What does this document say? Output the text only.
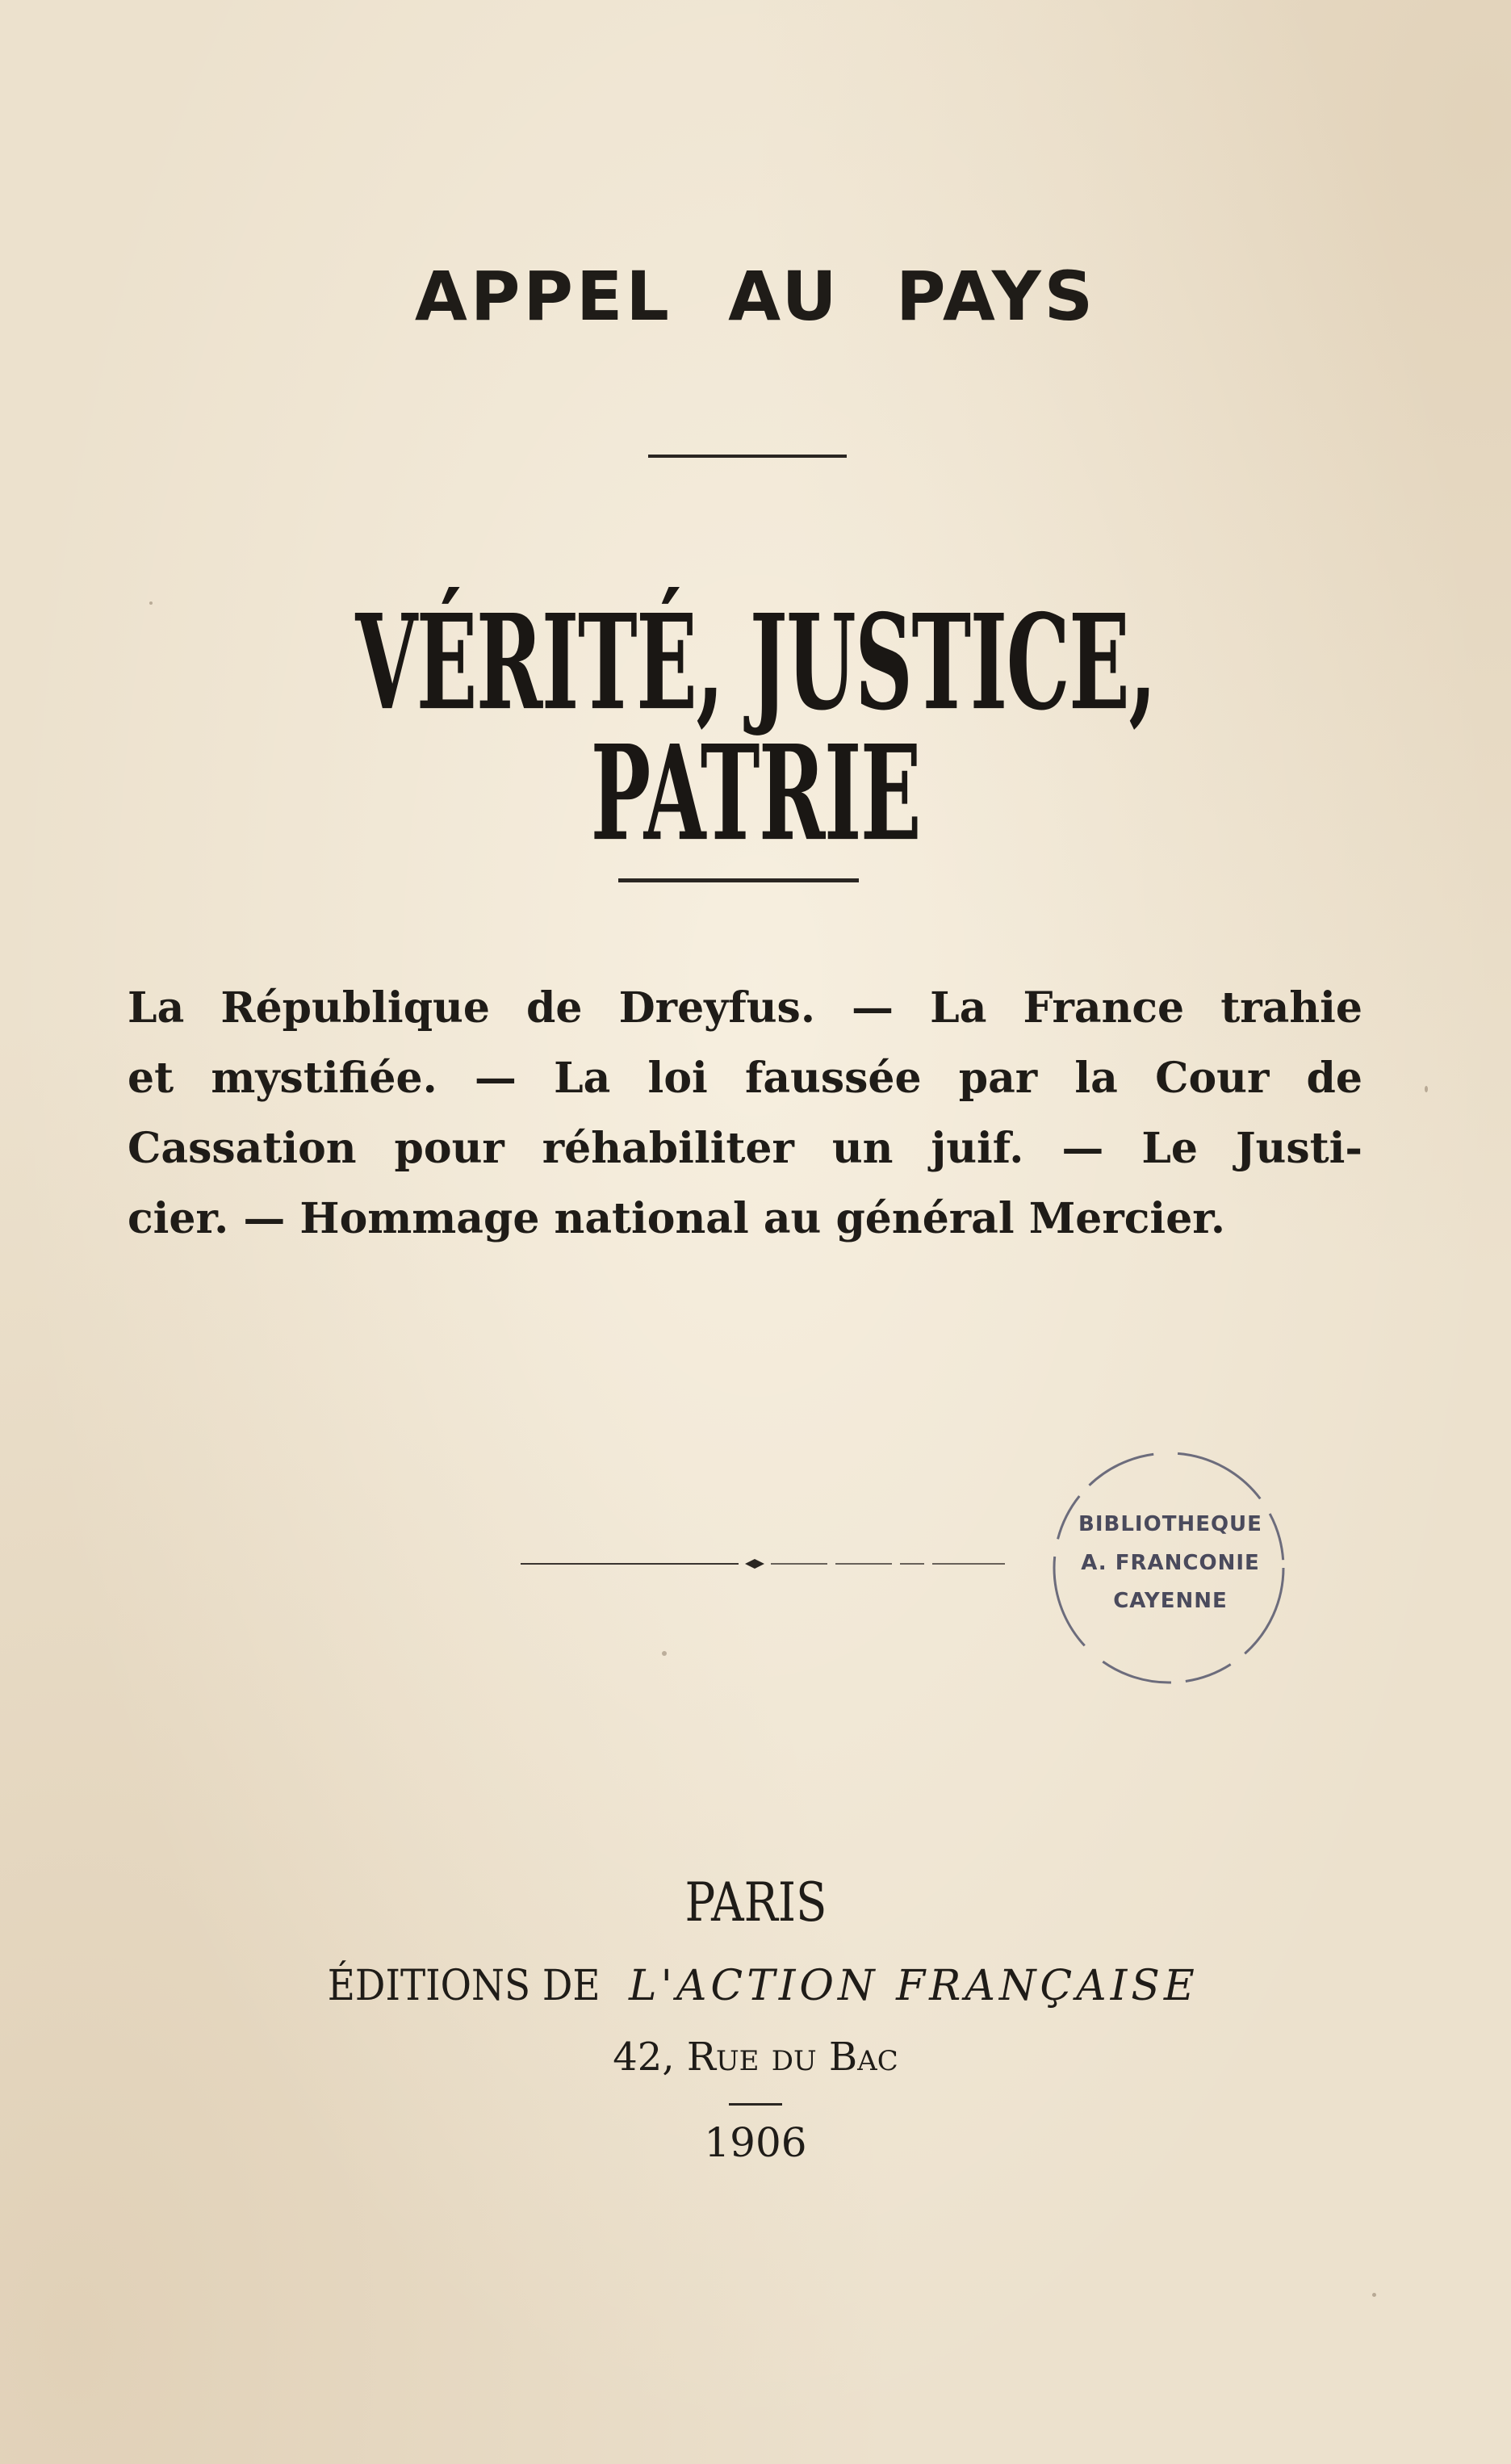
APPEL AU PAYS
VÉRITÉ, JUSTICE, PATRIE
La République de Dreyfus. — La France trahie
et mystifiée. — La loi faussée par la Cour de
Cassation pour réhabiliter un juif. — Le Justi-
cier. — Hommage national au général Mercier.
BIBLIOTHEQUE
A. FRANCONIE
CAYENNE
PARIS
ÉDITIONS DE L'ACTION FRANÇAISE
42, Rue du Bac
1906
